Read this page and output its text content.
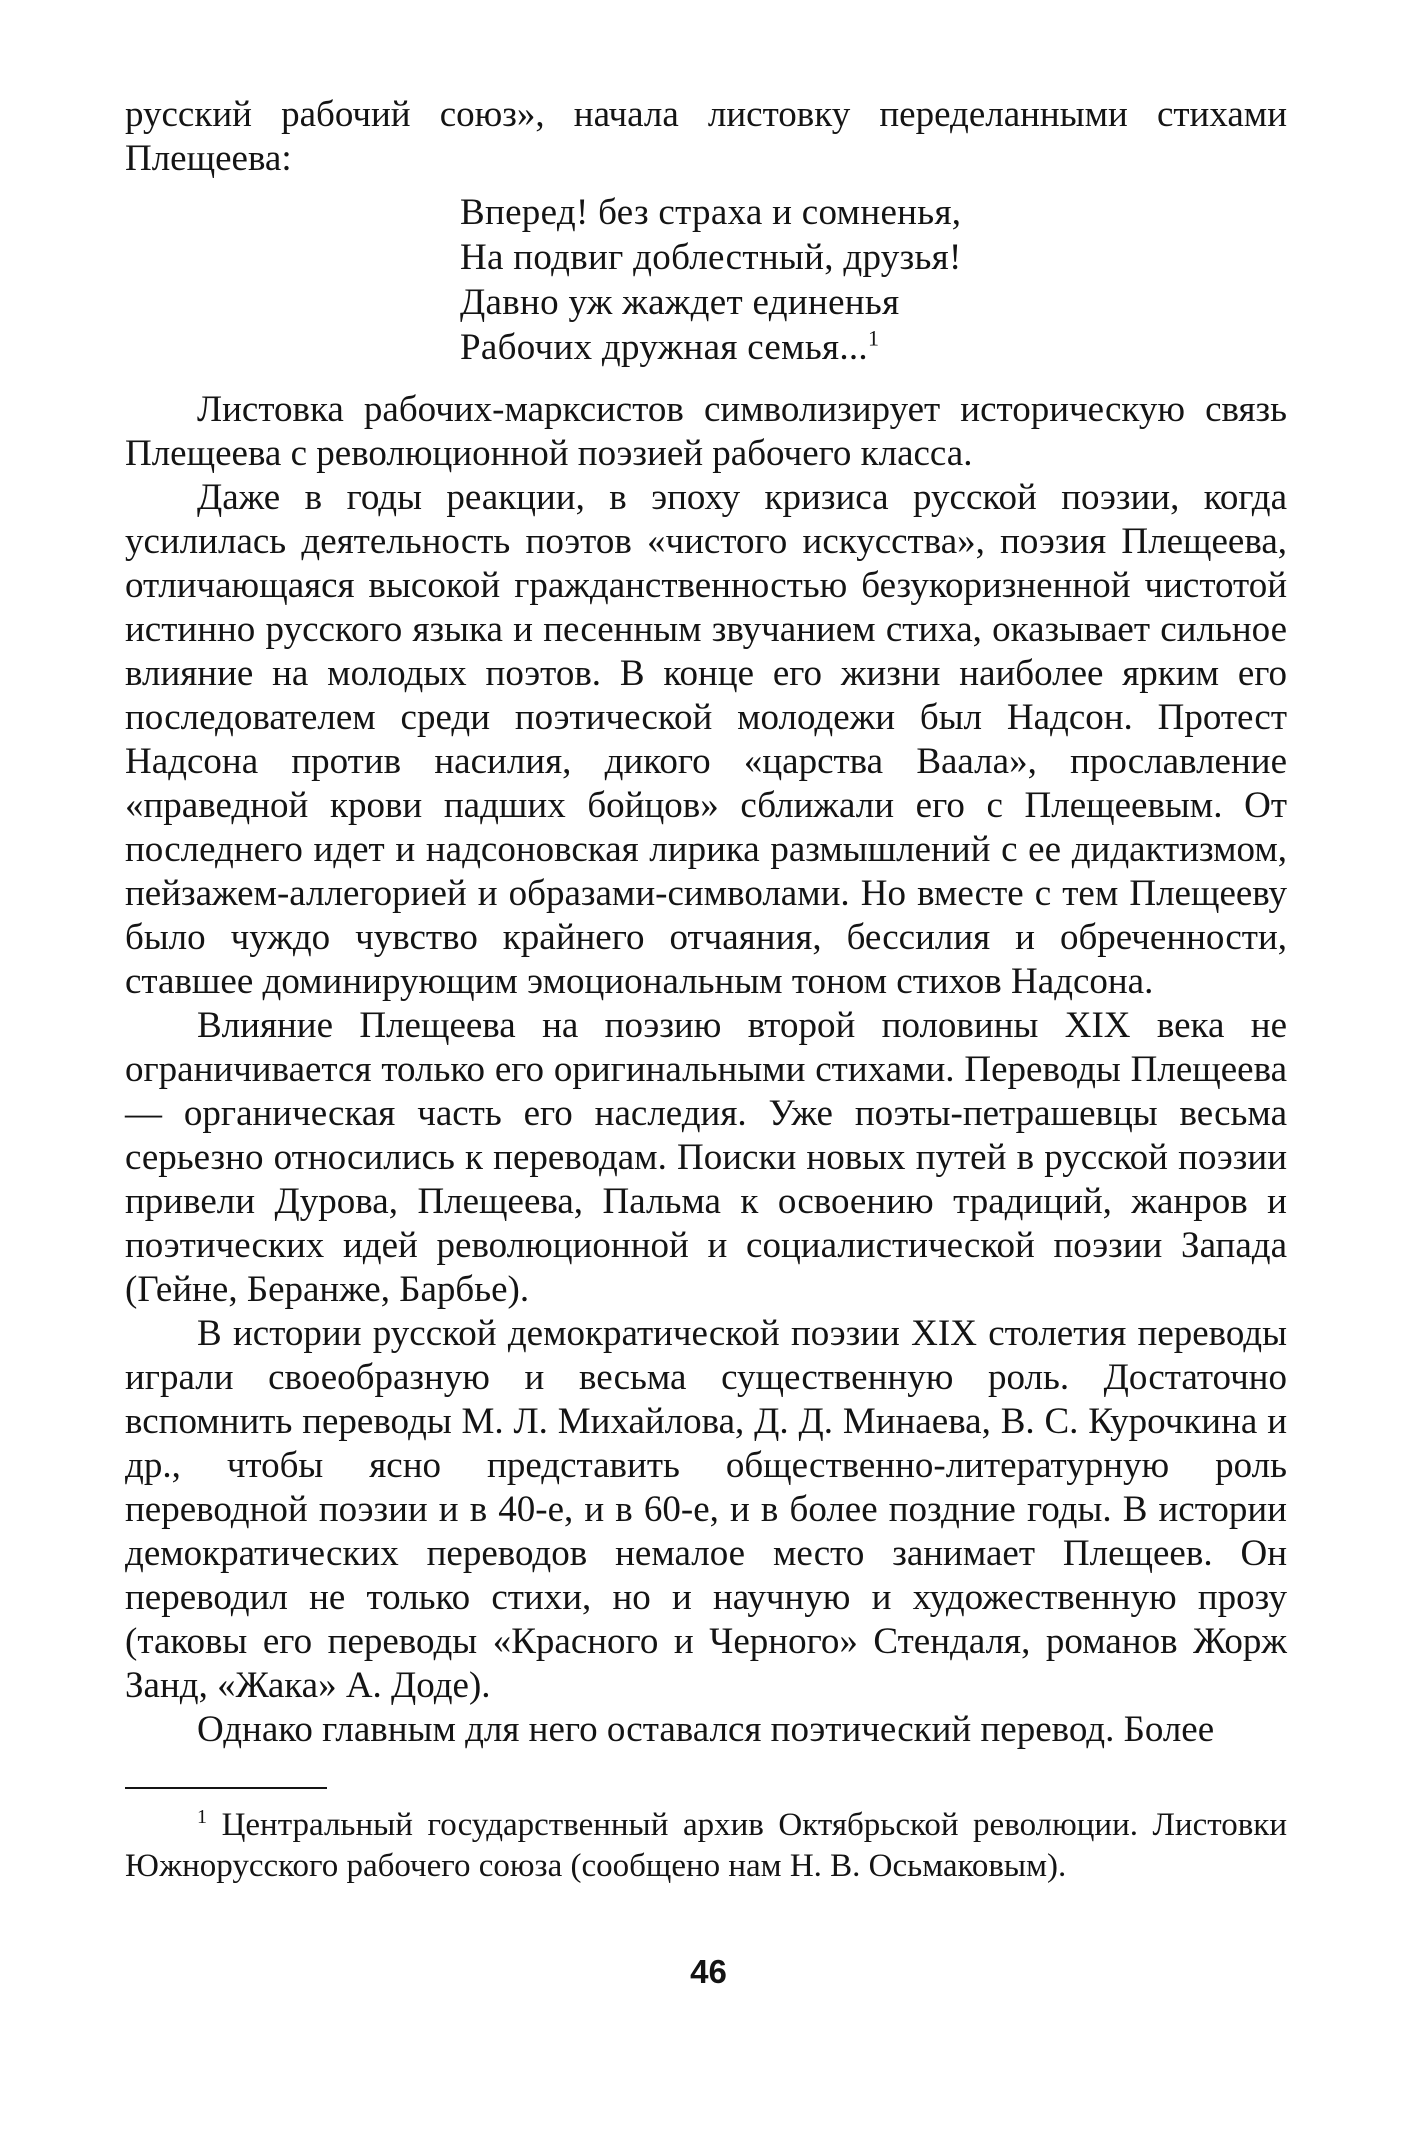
русский рабочий союз», начала листовку переделанными стихами Плещеева:

Вперед! без страха и сомненья,
На подвиг доблестный, друзья!
Давно уж жаждет единенья
Рабочих дружная семья...$^1$

Листовка рабочих-марксистов символизирует историческую связь Плещеева с революционной поэзией рабочего класса.

Даже в годы реакции, в эпоху кризиса русской поэзии, когда усилилась деятельность поэтов «чистого искусства», поэзия Плещеева, отличающаяся высокой гражданственностью безукоризненной чистотой истинно русского языка и песенным звучанием стиха, оказывает сильное влияние на молодых поэтов. В конце его жизни наиболее ярким его последователем среди поэтической молодежи был Надсон. Протест Надсона против насилия, дикого «царства Ваала», прославление «праведной крови падших бойцов» сближали его с Плещеевым. От последнего идет и надсоновская лирика размышлений с ее дидактизмом, пейзажем-аллегорией и образами-символами. Но вместе с тем Плещееву было чуждо чувство крайнего отчаяния, бессилия и обреченности, ставшее доминирующим эмоциональным тоном стихов Надсона.

Влияние Плещеева на поэзию второй половины XIX века не ограничивается только его оригинальными стихами. Переводы Плещеева — органическая часть его наследия. Уже поэты-петрашевцы весьма серьезно относились к переводам. Поиски новых путей в русской поэзии привели Дурова, Плещеева, Пальма к освоению традиций, жанров и поэтических идей революционной и социалистической поэзии Запада (Гейне, Беранже, Барбье).

В истории русской демократической поэзии XIX столетия переводы играли своеобразную и весьма существенную роль. Достаточно вспомнить переводы М. Л. Михайлова, Д. Д. Минаева, В. С. Курочкина и др., чтобы ясно представить общественно-литературную роль переводной поэзии и в 40-е, и в 60-е, и в более поздние годы. В истории демократических переводов немалое место занимает Плещеев. Он переводил не только стихи, но и научную и художественную прозу (таковы его переводы «Красного и Черного» Стендаля, романов Жорж Занд, «Жака» А. Доде).

Однако главным для него оставался поэтический перевод. Более

$^1$ Центральный государственный архив Октябрьской революции. Листовки Южнорусского рабочего союза (сообщено нам Н. В. Осьмаковым).
46
